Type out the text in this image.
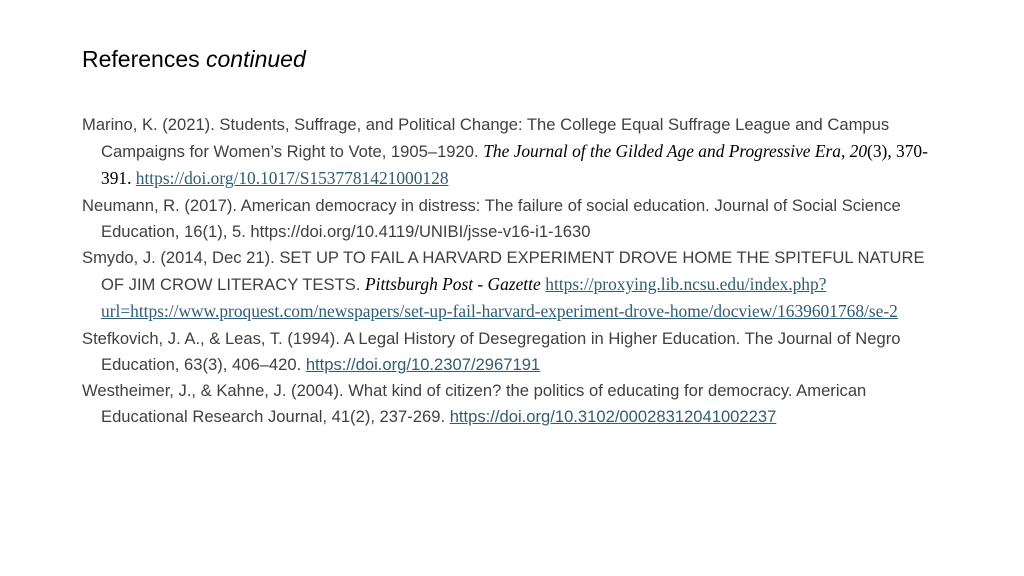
References continued

Marino, K. (2021). Students, Suffrage, and Political Change: The College Equal Suffrage League and Campus Campaigns for Women’s Right to Vote, 1905–1920. The Journal of the Gilded Age and Progressive Era, 20(3), 370-391. https://doi.org/10.1017/S1537781421000128

Neumann, R. (2017). American democracy in distress: The failure of social education. Journal of Social Science Education, 16(1), 5. https://doi.org/10.4119/UNIBI/jsse-v16-i1-1630

Smydo, J. (2014, Dec 21). SET UP TO FAIL A HARVARD EXPERIMENT DROVE HOME THE SPITEFUL NATURE OF JIM CROW LITERACY TESTS. Pittsburgh Post - Gazette https://proxying.lib.ncsu.edu/index.php?url=https://www.proquest.com/newspapers/set-up-fail-harvard-experiment-drove-home/docview/1639601768/se-2

Stefkovich, J. A., & Leas, T. (1994). A Legal History of Desegregation in Higher Education. The Journal of Negro Education, 63(3), 406–420. https://doi.org/10.2307/2967191

Westheimer, J., & Kahne, J. (2004). What kind of citizen? the politics of educating for democracy. American Educational Research Journal, 41(2), 237-269. https://doi.org/10.3102/00028312041002237
